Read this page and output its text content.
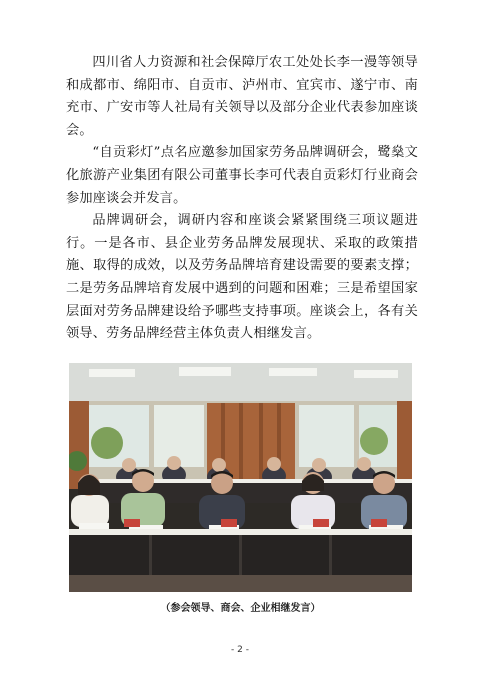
四川省人力资源和社会保障厅农工处处长李一漫等领导和成都市、绵阳市、自贡市、泸州市、宜宾市、遂宁市、南充市、广安市等人社局有关领导以及部分企业代表参加座谈会。

“自贡彩灯”点名应邀参加国家劳务品牌调研会，鹭燊文化旅游产业集团有限公司董事长李可代表自贡彩灯行业商会参加座谈会并发言。

品牌调研会，调研内容和座谈会紧紧围绕三项议题进行。一是各市、县企业劳务品牌发展现状、采取的政策措施、取得的成效，以及劳务品牌培育建设需要的要素支撑；二是劳务品牌培育发展中遇到的问题和困难；三是希望国家层面对劳务品牌建设给予哪些支持事项。座谈会上，各有关领导、劳务品牌经营主体负责人相继发言。

（参会领导、商会、企业相继发言）
- 2 -
